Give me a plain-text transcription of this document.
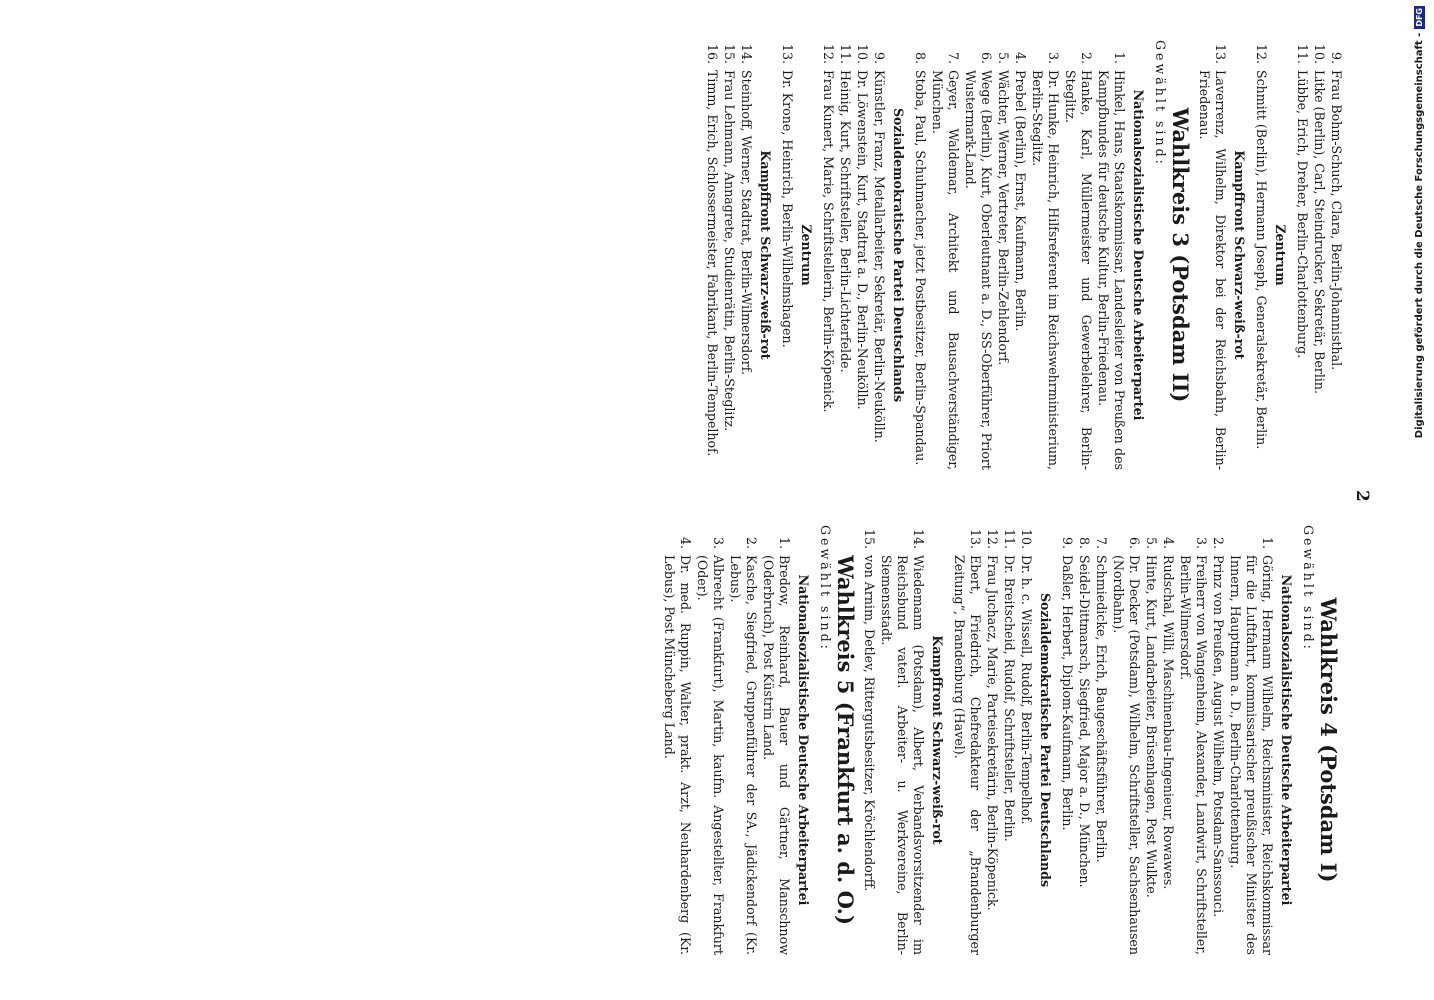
2
9.
Frau Bohm-Schuch, Clara, Berlin-Johannisthal.
10.
Litke (Berlin), Carl, Steindrucker, Sekretär, Berlin.
11.
Lübbe, Erich, Dreher, Berlin-Charlottenburg.
Zentrum
12.
Schmitt (Berlin), Hermann Joseph, Generalsekretär, Berlin.
Kampffront Schwarz-weiß-rot
13.
Laverrenz, Wilhelm, Direktor bei der Reichsbahn, Berlin-Friedenau.
Wahlkreis 3 (Potsdam II)
Gewählt sind:
Nationalsozialistische Deutsche Arbeiterpartei
1.
Hinkel, Hans, Staatskommissar, Landesleiter von Preußen des Kampfbundes für deutsche Kultur, Berlin-Friedenau.
2.
Hanke, Karl, Müllermeister und Gewerbelehrer, Berlin-Steglitz.
3.
Dr. Hunke, Heinrich, Hilfsreferent im Reichswehrministerium, Berlin-Steglitz.
4.
Prebel (Berlin), Ernst, Kaufmann, Berlin.
5.
Wächter, Werner, Vertreter, Berlin-Zehlendorf.
6.
Wege (Berlin), Kurt, Oberleutnant a. D., SS-Oberführer, Priort Wustermark-Land.
7.
Geyer, Waldemar, Architekt und Bausachverständiger, München.
8.
Stoba, Paul, Schuhmacher, jetzt Postbesitzer, Berlin-Spandau.
Sozialdemokratische Partei Deutschlands
9.
Künstler, Franz, Metallarbeiter, Sekretär, Berlin-Neukölln.
10.
Dr. Löwenstein, Kurt, Stadtrat a. D., Berlin-Neukölln.
11.
Heinig, Kurt, Schriftsteller, Berlin-Lichterfelde.
12.
Frau Kunert, Marie, Schriftstellerin, Berlin-Köpenick.
Zentrum
13.
Dr. Krone, Heinrich, Berlin-Wilhelmshagen.
Kampffront Schwarz-weiß-rot
14.
Steinhoff, Werner, Stadtrat, Berlin-Wilmersdorf.
15.
Frau Lehmann, Annagrete, Studienrätin, Berlin-Steglitz.
16.
Timm, Erich, Schlossermeister, Fabrikant, Berlin-Tempelhof.
Wahlkreis 4 (Potsdam I)
Gewählt sind:
Nationalsozialistische Deutsche Arbeiterpartei
1.
Göring, Hermann Wilhelm, Reichsminister, Reichskommissar für die Luftfahrt, kommissarischer preußischer Minister des Innern, Hauptmann a. D., Berlin-Charlottenburg.
2.
Prinz von Preußen, August Wilhelm, Potsdam-Sanssouci.
3.
Freiherr von Wangenheim, Alexander, Landwirt, Schriftsteller, Berlin-Wilmersdorf.
4.
Rudschal, Willi, Maschinenbau-Ingenieur, Rowawes.
5.
Hinte, Kurt, Landarbeiter, Brüsenhagen, Post Wulkte.
6.
Dr. Decker (Potsdam), Wilhelm, Schriftsteller, Sachsenhausen (Nordbahn).
7.
Schmiedicke, Erich, Baugeschäftsführer, Berlin.
8.
Seidel-Dittmarsch, Siegfried, Major a. D., München.
9.
Daßler, Herbert, Diplom-Kaufmann, Berlin.
Sozialdemokratische Partei Deutschlands
10.
Dr. h. c. Wissell, Rudolf, Berlin-Tempelhof.
11.
Dr. Breitscheid, Rudolf, Schriftsteller, Berlin.
12.
Frau Juchacz, Marie, Parteisekretärin, Berlin-Köpenick.
13.
Ebert, Friedrich, Chefredakteur der „Brandenburger Zeitung“, Brandenburg (Havel).
Kampffront Schwarz-weiß-rot
14.
Wiedemann (Potsdam), Albert, Verbandsvorsitzender im Reichsbund vaterl. Arbeiter- u. Werkvereine, Berlin-Siemensstadt.
15.
von Arnim, Detlev, Rittergutsbesitzer, Kröchlendorff.
Wahlkreis 5 (Frankfurt a. d. O.)
Gewählt sind:
Nationalsozialistische Deutsche Arbeiterpartei
1.
Bredow, Reinhard, Bauer und Gärtner, Manschnow (Oderbruch), Post Küstrin Land.
2.
Kasche, Siegfried, Gruppenführer der SA., Jädickendorf (Kr. Lebus).
3.
Albrecht (Frankfurt), Martin, kaufm. Angestellter, Frankfurt (Oder).
4.
Dr. med. Ruppin, Walter, prakt. Arzt, Neuhardenberg (Kr. Lebus), Post Müncheberg Land.
Digitalisierung gefördert durch die Deutsche Forschungsgemeinschaft -
DFG
